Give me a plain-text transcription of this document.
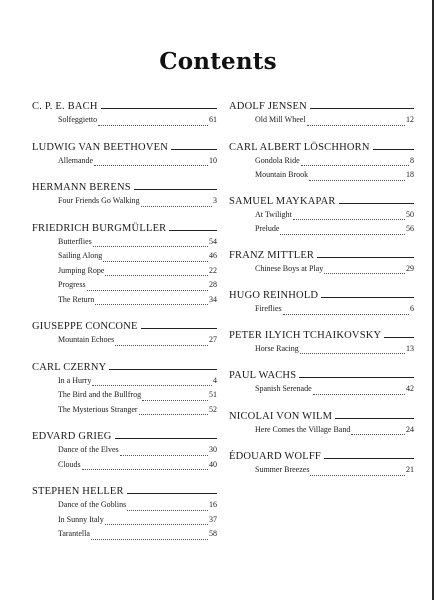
Contents
C. P. E. BACH
Solfeggietto	61
LUDWIG VAN BEETHOVEN
Allemande	10
HERMANN BERENS
Four Friends Go Walking	3
FRIEDRICH BURGMÜLLER
Butterflies	54
Sailing Along	46
Jumping Rope	22
Progress	28
The Return	34
GIUSEPPE CONCONE
Mountain Echoes	27
CARL CZERNY
In a Hurry	4
The Bird and the Bullfrog	51
The Mysterious Stranger	52
EDVARD GRIEG
Dance of the Elves	30
Clouds	40
STEPHEN HELLER
Dance of the Goblins	16
In Sunny Italy	37
Tarantella	58
ADOLF JENSEN
Old Mill Wheel	12
CARL ALBERT LÖSCHHORN
Gondola Ride	8
Mountain Brook	18
SAMUEL MAYKAPAR
At Twilight	50
Prelude	56
FRANZ MITTLER
Chinese Boys at Play	29
HUGO REINHOLD
Fireflies	6
PETER ILYICH TCHAIKOVSKY
Horse Racing	13
PAUL WACHS
Spanish Serenade	42
NICOLAI VON WILM
Here Comes the Village Band	24
ÉDOUARD WOLFF
Summer Breezes	21
